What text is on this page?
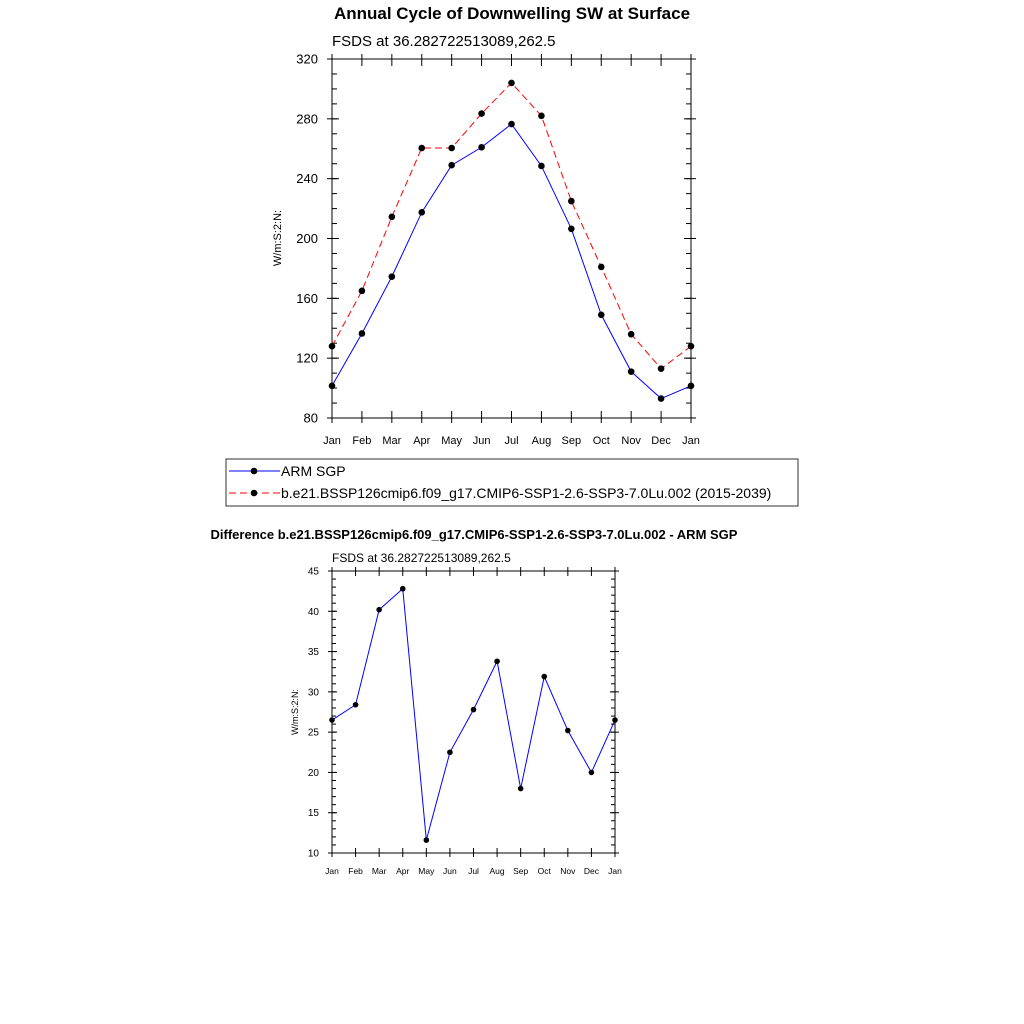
Annual Cycle of Downwelling SW at Surface
FSDS at 36.282722513089,262.5
W/m:S:2:N:
Jan Feb Mar Apr May Jun Jul Aug Sep Oct Nov Dec Jan
80
120
160
200
240
280
320
ARM SGP
b.e21.BSSP126cmip6.f09_g17.CMIP6-SSP1-2.6-SSP3-7.0Lu.002 (2015-2039)
Difference b.e21.BSSP126cmip6.f09_g17.CMIP6-SSP1-2.6-SSP3-7.0Lu.002 - ARM SGP
FSDS at 36.282722513089,262.5
W/m:S:2:N:
Jan Feb Mar Apr May Jun Jul Aug Sep Oct Nov Dec Jan
10
15
20
25
30
35
40
45
